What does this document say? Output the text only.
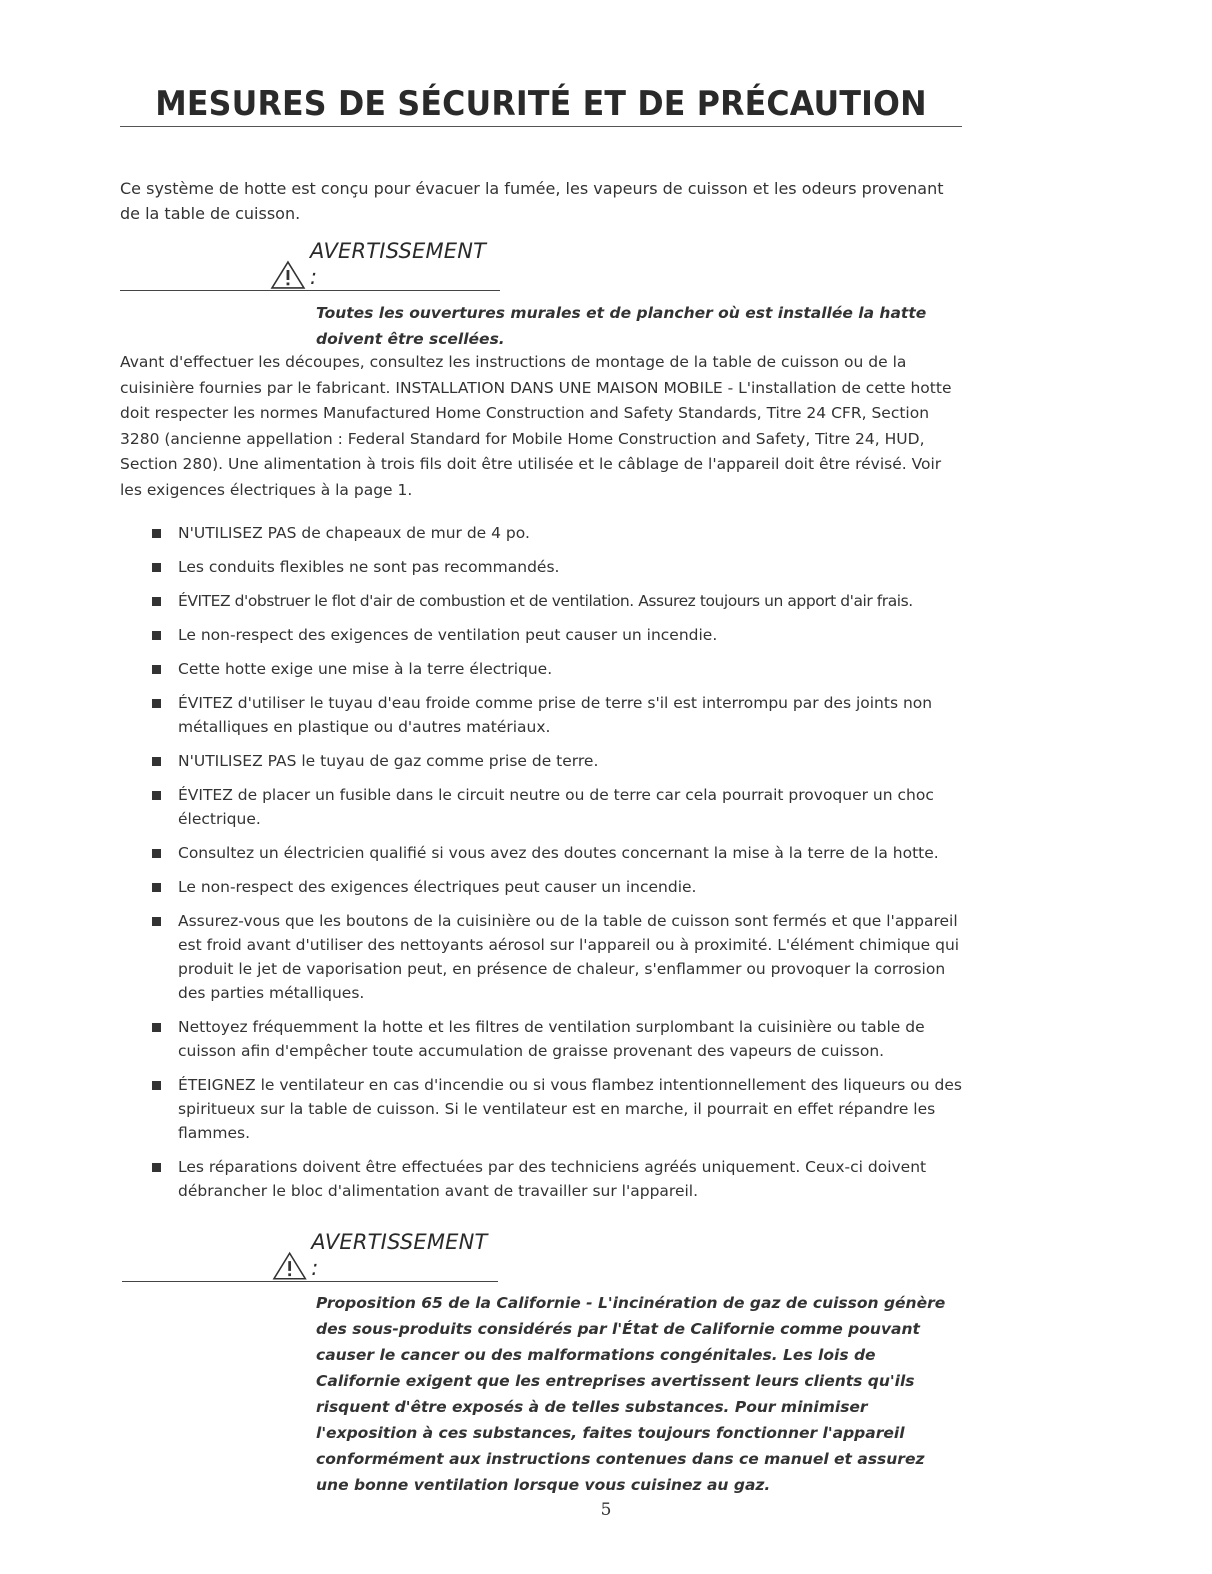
MESURES DE SÉCURITÉ ET DE PRÉCAUTION
Ce système de hotte est conçu pour évacuer la fumée, les vapeurs de cuisson et les odeurs provenant de la table de cuisson.
AVERTISSEMENT :
Toutes les ouvertures murales et de plancher où est installée la hatte doivent être scellées.
Avant d'effectuer les découpes, consultez les instructions de montage de la table de cuisson ou de la cuisinière fournies par le fabricant. INSTALLATION DANS UNE MAISON MOBILE - L'installation de cette hotte doit respecter les normes Manufactured Home Construction and Safety Standards, Titre 24 CFR, Section 3280 (ancienne appellation : Federal Standard for Mobile Home Construction and Safety, Titre 24, HUD, Section 280). Une alimentation à trois fils doit être utilisée et le câblage de l'appareil doit être révisé. Voir les exigences électriques à la page 1.
N'UTILISEZ PAS de chapeaux de mur de 4 po.
Les conduits flexibles ne sont pas recommandés.
ÉVITEZ d'obstruer le flot d'air de combustion et de ventilation. Assurez toujours un apport d'air frais.
Le non-respect des exigences de ventilation peut causer un incendie.
Cette hotte exige une mise à la terre électrique.
ÉVITEZ d'utiliser le tuyau d'eau froide comme prise de terre s'il est interrompu par des joints non métalliques en plastique ou d'autres matériaux.
N'UTILISEZ PAS le tuyau de gaz comme prise de terre.
ÉVITEZ de placer un fusible dans le circuit neutre ou de terre car cela pourrait provoquer un choc électrique.
Consultez un électricien qualifié si vous avez des doutes concernant la mise à la terre de la hotte.
Le non-respect des exigences électriques peut causer un incendie.
Assurez-vous que les boutons de la cuisinière ou de la table de cuisson sont fermés et que l'appareil est froid avant d'utiliser des nettoyants aérosol sur l'appareil ou à proximité. L'élément chimique qui produit le jet de vaporisation peut, en présence de chaleur, s'enflammer ou provoquer la corrosion des parties métalliques.
Nettoyez fréquemment la hotte et les filtres de ventilation surplombant la cuisinière ou table de cuisson afin d'empêcher toute accumulation de graisse provenant des vapeurs de cuisson.
ÉTEIGNEZ le ventilateur en cas d'incendie ou si vous flambez intentionnellement des liqueurs ou des spiritueux sur la table de cuisson. Si le ventilateur est en marche, il pourrait en effet répandre les flammes.
Les réparations doivent être effectuées par des techniciens agréés uniquement. Ceux-ci doivent débrancher le bloc d'alimentation avant de travailler sur l'appareil.
AVERTISSEMENT :
Proposition 65 de la Californie - L'incinération de gaz de cuisson génère des sous-produits considérés par l'État de Californie comme pouvant causer le cancer ou des malformations congénitales. Les lois de Californie exigent que les entreprises avertissent leurs clients qu'ils risquent d'être exposés à de telles substances. Pour minimiser l'exposition à ces substances, faites toujours fonctionner l'appareil conformément aux instructions contenues dans ce manuel et assurez une bonne ventilation lorsque vous cuisinez au gaz.
5
